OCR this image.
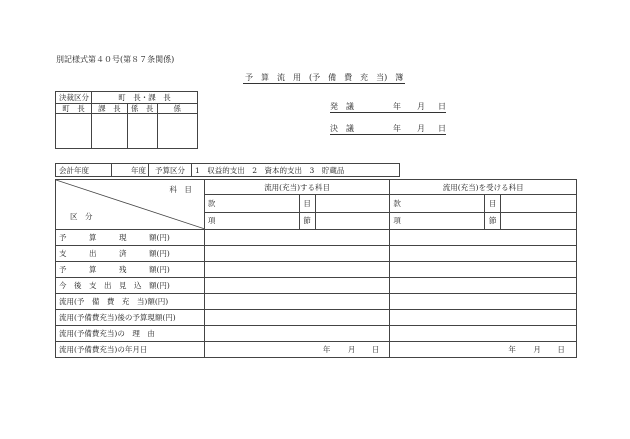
別記様式第４０号(第８７条関係)
予　算　流　用　(予　備　費　充　当)　簿
決裁区分	町　長・課　長		
町　長	課　長	係　長	係
				発　議	年 月 日
決　議	年 月 日
会計年度	年度	予算区分	1　収益的支出　2　資本的支出　3　貯蔵品
科　目
区　分	流用(充当)する科目			流用(充当)を受ける科目		
	款	目		款	目	
	項	節		項	節	
予　　　算　　　現　　　額(円)						
支　　　出　　　済　　　額(円)						
予　　　算　　　残　　　額(円)						
今　後　支　出　見　込　額(円)						
流用(予　備　費　充　当)額(円)						
流用(予備費充当)後の予算現額(円)						
流用(予備費充当)の　理　由						
流用(予備費充当)の年月日	年 月 日			年 月 日		
